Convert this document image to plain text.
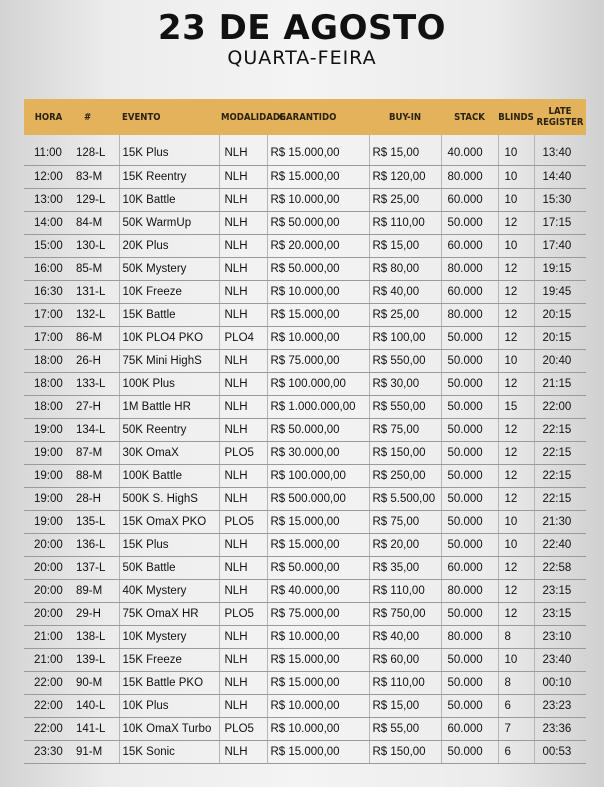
23 DE AGOSTO
QUARTA-FEIRA
HORA	#	EVENTO	MODALIDADE	GARANTIDO	BUY-IN	STACK	BLINDS	LATE
REGISTER
11:00	128-L	15K Plus	NLH	R$ 15.000,00	R$ 15,00	40.000	10	13:40
12:00	83-M	15K Reentry	NLH	R$ 15.000,00	R$ 120,00	80.000	10	14:40
13:00	129-L	10K Battle	NLH	R$ 10.000,00	R$ 25,00	60.000	10	15:30
14:00	84-M	50K WarmUp	NLH	R$ 50.000,00	R$ 110,00	50.000	12	17:15
15:00	130-L	20K Plus	NLH	R$ 20.000,00	R$ 15,00	60.000	10	17:40
16:00	85-M	50K Mystery	NLH	R$ 50.000,00	R$ 80,00	80.000	12	19:15
16:30	131-L	10K Freeze	NLH	R$ 10.000,00	R$ 40,00	60.000	12	19:45
17:00	132-L	15K Battle	NLH	R$ 15.000,00	R$ 25,00	80.000	12	20:15
17:00	86-M	10K PLO4 PKO	PLO4	R$ 10.000,00	R$ 100,00	50.000	12	20:15
18:00	26-H	75K Mini HighS	NLH	R$ 75.000,00	R$ 550,00	50.000	10	20:40
18:00	133-L	100K Plus	NLH	R$ 100.000,00	R$ 30,00	50.000	12	21:15
18:00	27-H	1M Battle HR	NLH	R$ 1.000.000,00	R$ 550,00	50.000	15	22:00
19:00	134-L	50K Reentry	NLH	R$ 50.000,00	R$ 75,00	50.000	12	22:15
19:00	87-M	30K OmaX	PLO5	R$ 30.000,00	R$ 150,00	50.000	12	22:15
19:00	88-M	100K Battle	NLH	R$ 100.000,00	R$ 250,00	50.000	12	22:15
19:00	28-H	500K S. HighS	NLH	R$ 500.000,00	R$ 5.500,00	50.000	12	22:15
19:00	135-L	15K OmaX PKO	PLO5	R$ 15.000,00	R$ 75,00	50.000	10	21:30
20:00	136-L	15K Plus	NLH	R$ 15.000,00	R$ 20,00	50.000	10	22:40
20:00	137-L	50K Battle	NLH	R$ 50.000,00	R$ 35,00	60.000	12	22:58
20:00	89-M	40K Mystery	NLH	R$ 40.000,00	R$ 110,00	80.000	12	23:15
20:00	29-H	75K OmaX HR	PLO5	R$ 75.000,00	R$ 750,00	50.000	12	23:15
21:00	138-L	10K Mystery	NLH	R$ 10.000,00	R$ 40,00	80.000	8	23:10
21:00	139-L	15K Freeze	NLH	R$ 15.000,00	R$ 60,00	50.000	10	23:40
22:00	90-M	15K Battle PKO	NLH	R$ 15.000,00	R$ 110,00	50.000	8	00:10
22:00	140-L	10K Plus	NLH	R$ 10.000,00	R$ 15,00	50.000	6	23:23
22:00	141-L	10K OmaX Turbo	PLO5	R$ 10.000,00	R$ 55,00	60.000	7	23:36
23:30	91-M	15K Sonic	NLH	R$ 15.000,00	R$ 150,00	50.000	6	00:53
